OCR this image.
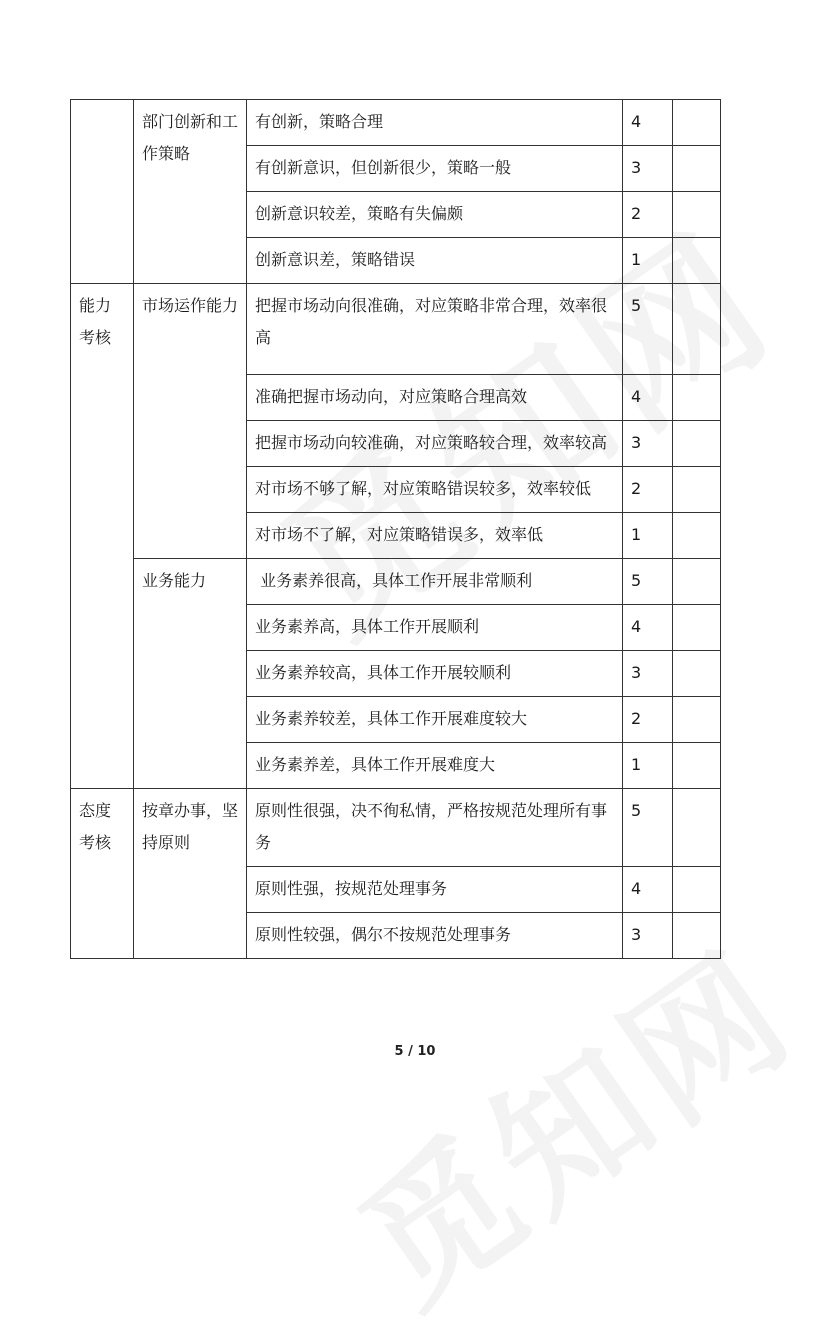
	部门创新和工作策略	有创新，策略合理	4	
		有创新意识，但创新很少，策略一般	3	
		创新意识较差，策略有失偏颇	2	
		创新意识差，策略错误	1	
能力考核	市场运作能力	把握市场动向很准确，对应策略非常合理，效率很高	5	
		准确把握市场动向，对应策略合理高效	4	
		把握市场动向较准确，对应策略较合理，效率较高	3	
		对市场不够了解，对应策略错误较多，效率较低	2	
		对市场不了解，对应策略错误多，效率低	1	
	业务能力	业务素养很高，具体工作开展非常顺利	5	
		业务素养高，具体工作开展顺利	4	
		业务素养较高，具体工作开展较顺利	3	
		业务素养较差，具体工作开展难度较大	2	
		业务素养差，具体工作开展难度大	1	
态度考核	按章办事，坚持原则	原则性很强，决不徇私情，严格按规范处理所有事务	5	
		原则性强，按规范处理事务	4	
		原则性较强，偶尔不按规范处理事务	3	
5 / 10
